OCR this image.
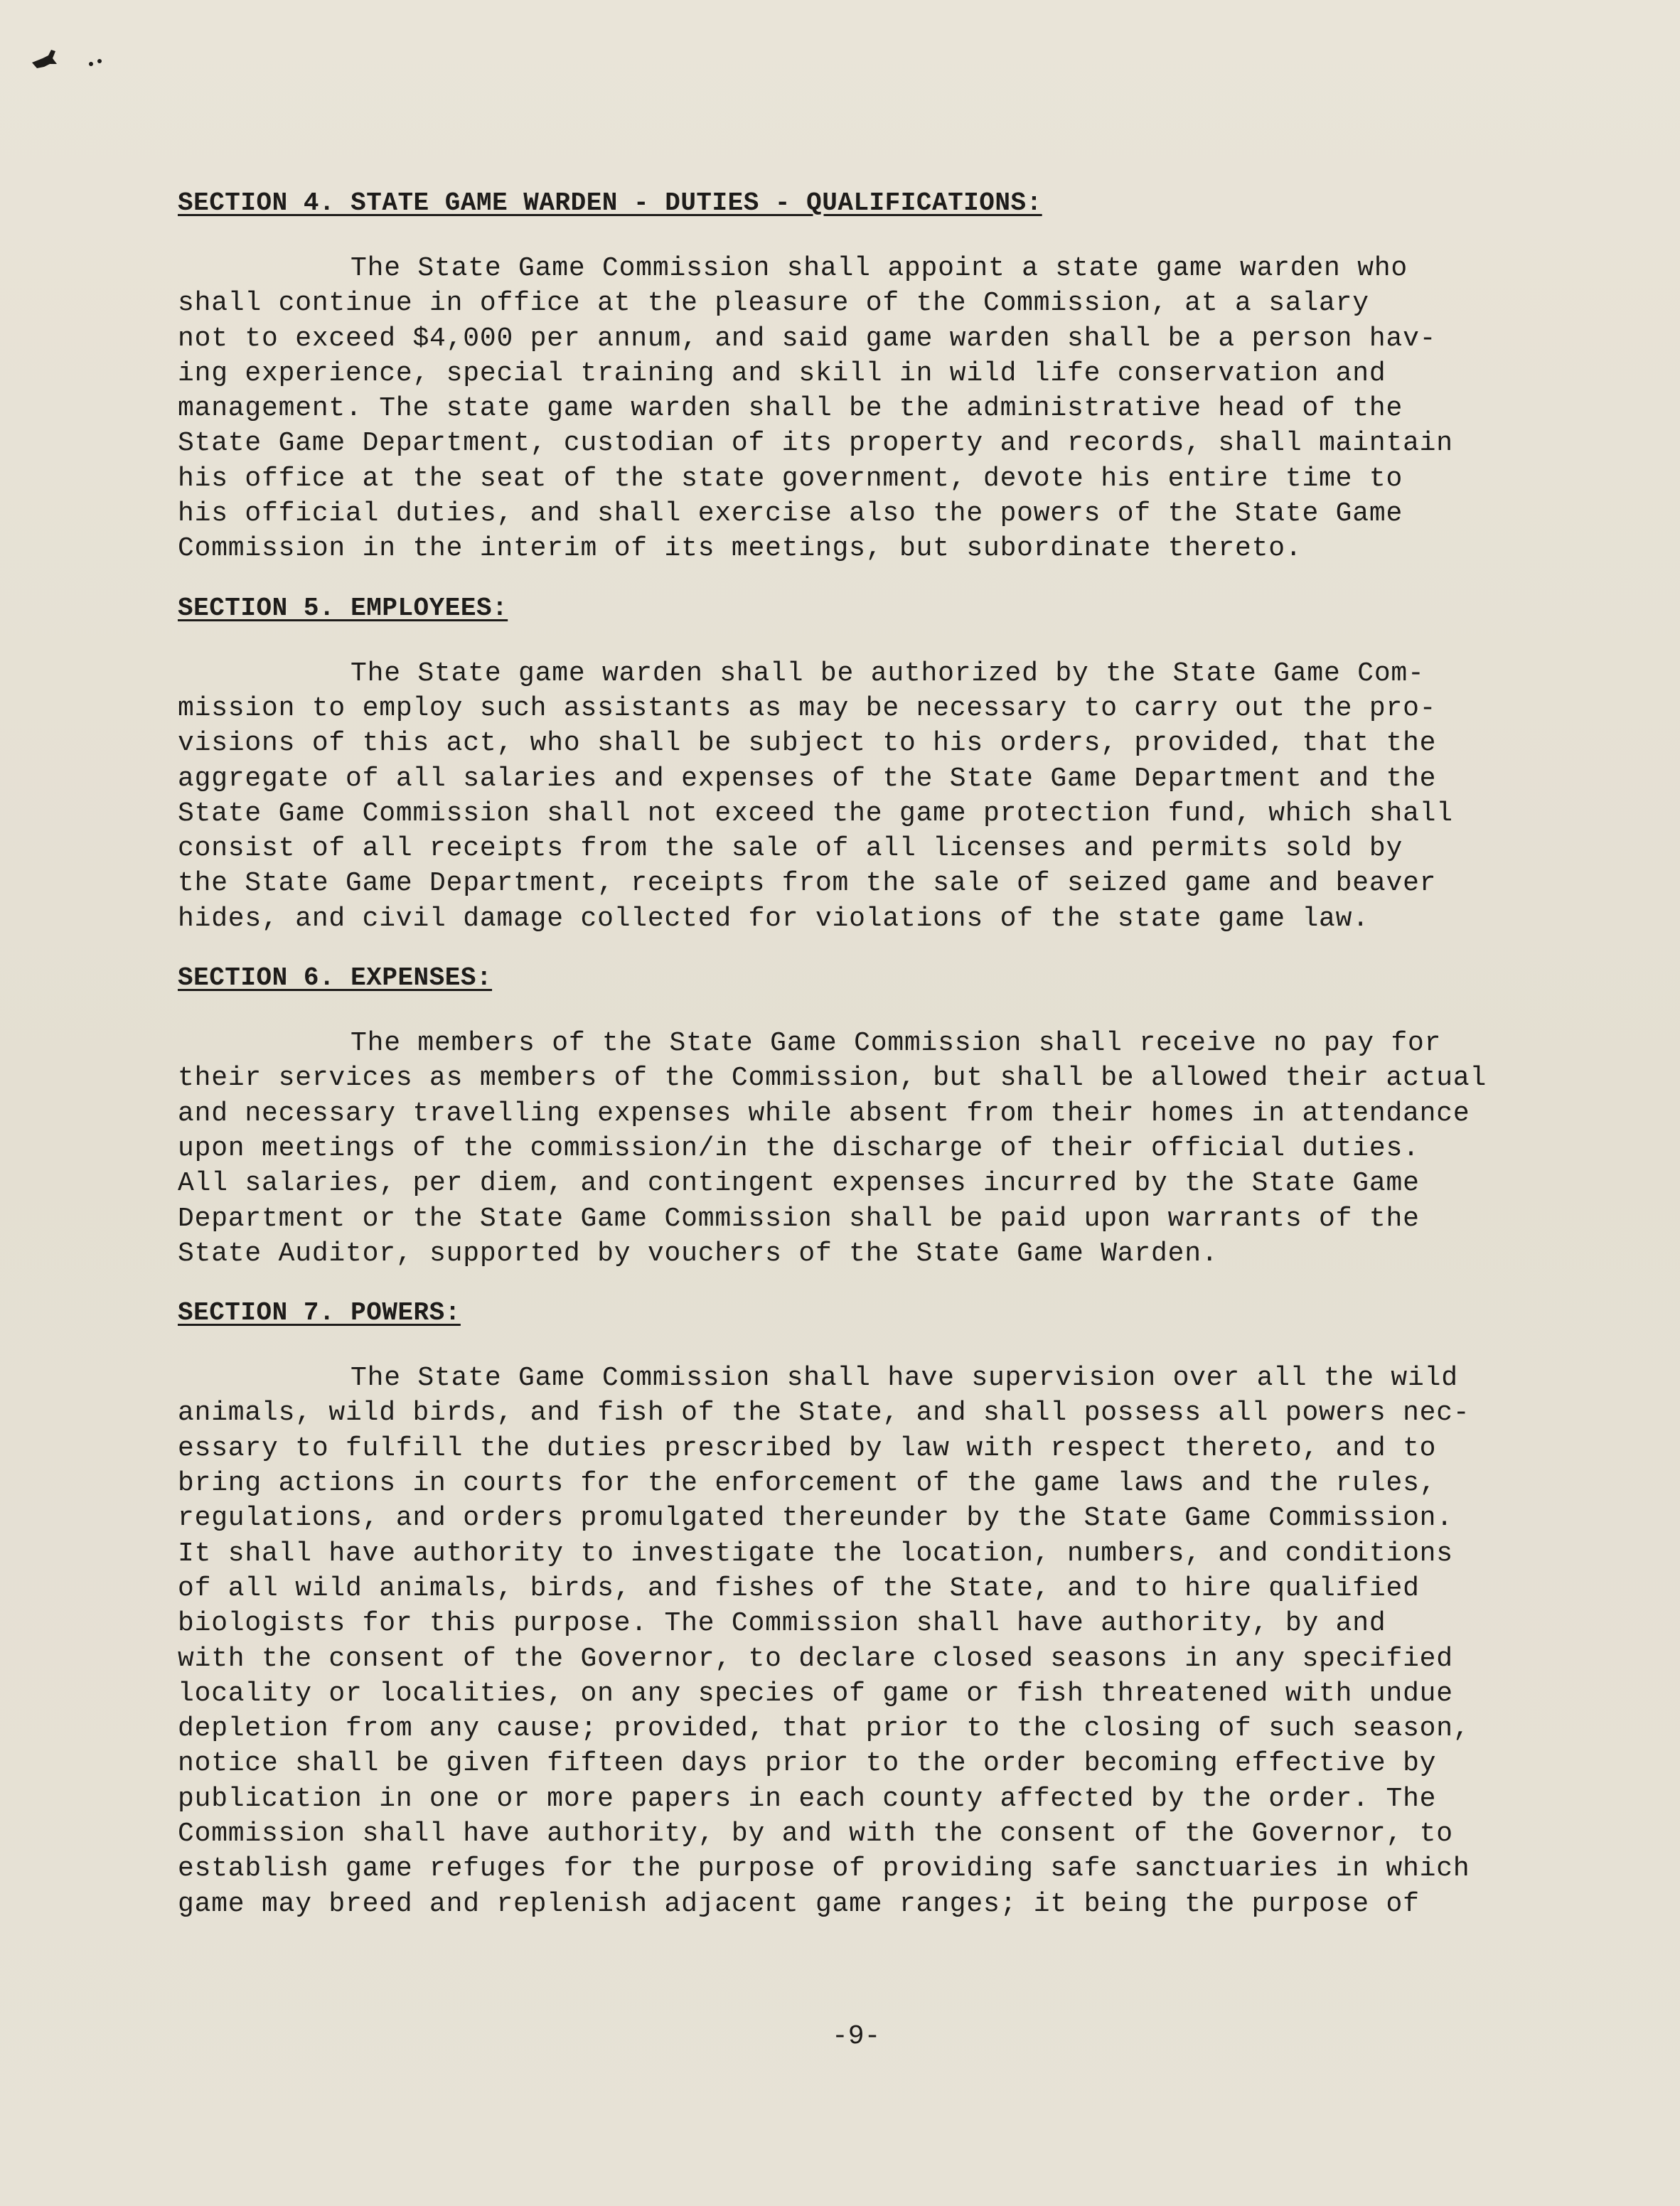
SECTION 4. STATE GAME WARDEN - DUTIES - QUALIFICATIONS:
The State Game Commission shall appoint a state game warden who
shall continue in office at the pleasure of the Commission, at a salary
not to exceed $4,000 per annum, and said game warden shall be a person hav-
ing experience, special training and skill in wild life conservation and
management. The state game warden shall be the administrative head of the
State Game Department, custodian of its property and records, shall maintain
his office at the seat of the state government, devote his entire time to
his official duties, and shall exercise also the powers of the State Game
Commission in the interim of its meetings, but subordinate thereto.
SECTION 5. EMPLOYEES:
The State game warden shall be authorized by the State Game Com-
mission to employ such assistants as may be necessary to carry out the pro-
visions of this act, who shall be subject to his orders, provided, that the
aggregate of all salaries and expenses of the State Game Department and the
State Game Commission shall not exceed the game protection fund, which shall
consist of all receipts from the sale of all licenses and permits sold by
the State Game Department, receipts from the sale of seized game and beaver
hides, and civil damage collected for violations of the state game law.
SECTION 6. EXPENSES:
The members of the State Game Commission shall receive no pay for
their services as members of the Commission, but shall be allowed their actual
and necessary travelling expenses while absent from their homes in attendance
upon meetings of the commission/in the discharge of their official duties.
All salaries, per diem, and contingent expenses incurred by the State Game
Department or the State Game Commission shall be paid upon warrants of the
State Auditor, supported by vouchers of the State Game Warden.
SECTION 7. POWERS:
The State Game Commission shall have supervision over all the wild
animals, wild birds, and fish of the State, and shall possess all powers nec-
essary to fulfill the duties prescribed by law with respect thereto, and to
bring actions in courts for the enforcement of the game laws and the rules,
regulations, and orders promulgated thereunder by the State Game Commission.
It shall have authority to investigate the location, numbers, and conditions
of all wild animals, birds, and fishes of the State, and to hire qualified
biologists for this purpose. The Commission shall have authority, by and
with the consent of the Governor, to declare closed seasons in any specified
locality or localities, on any species of game or fish threatened with undue
depletion from any cause; provided, that prior to the closing of such season,
notice shall be given fifteen days prior to the order becoming effective by
publication in one or more papers in each county affected by the order. The
Commission shall have authority, by and with the consent of the Governor, to
establish game refuges for the purpose of providing safe sanctuaries in which
game may breed and replenish adjacent game ranges; it being the purpose of
-9-
